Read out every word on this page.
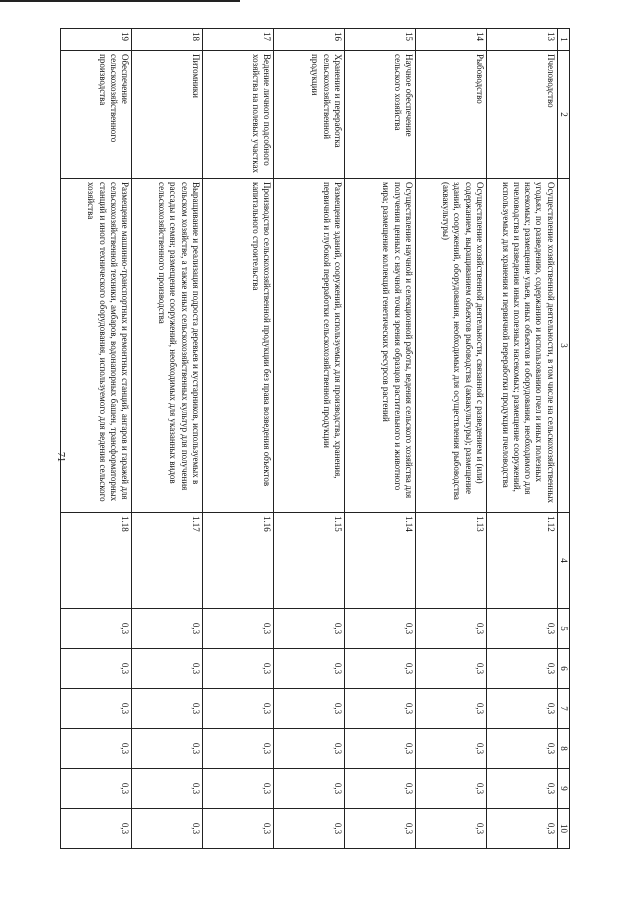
71
1	2	3	4	5	6	7	8	9	10
13	Пчеловодство	Осуществление хозяйственной деятельности, в том числе на сельскохозяйственных угодьях, по разведению, содержанию и использованию пчел и иных полезных насекомых; размещение ульев, иных объектов и оборудования, необходимого для пчеловодства и разведения иных полезных насекомых; размещение сооружений, используемых для хранения и первичной переработки продукции пчеловодства	1.12	0,3	0,3	0,3	0,3	0,3	0,3
14	Рыбоводство	Осуществление хозяйственной деятельности, связанной с разведением и (или) содержанием, выращиванием объектов рыбоводства (аквакультуры); размещение зданий, сооружений, оборудования, необходимых для осуществления рыбоводства (аквакультуры)	1.13	0,3	0,3	0,3	0,3	0,3	0,3
15	Научное обеспечение сельского хозяйства	Осуществление научной и селекционной работы, ведения сельского хозяйства для получения ценных с научной точки зрения образцов растительного и животного мира; размещение коллекций генетических ресурсов растений	1.14	0,3	0,3	0,3	0,3	0,3	0,3
16	Хранение и переработка сельскохозяйственной продукции	Размещение зданий, сооружений, используемых для производства, хранения, первичной и глубокой переработки сельскохозяйственной продукции	1.15	0,3	0,3	0,3	0,3	0,3	0,3
17	Ведение личного подсобного хозяйства на полевых участках	Производство сельскохозяйственной продукции без права возведения объектов капитального строительства	1.16	0,3	0,3	0,3	0,3	0,3	0,3
18	Питомники	Выращивание и реализация подроста деревьев и кустарников, используемых в сельском хозяйстве, а также иных сельскохозяйственных культур для получения рассады и семян; размещение сооружений, необходимых для указанных видов сельскохозяйственного производства	1.17	0,3	0,3	0,3	0,3	0,3	0,3
19	Обеспечение сельскохозяйственного производства	Размещение машинно-транспортных и ремонтных станций, ангаров и гаражей для сельскохозяйственной техники, амбаров, водонапорных башен, трансформаторных станций и иного технического оборудования, используемого для ведения сельского хозяйства	1.18	0,3	0,3	0,3	0,3	0,3	0,3
